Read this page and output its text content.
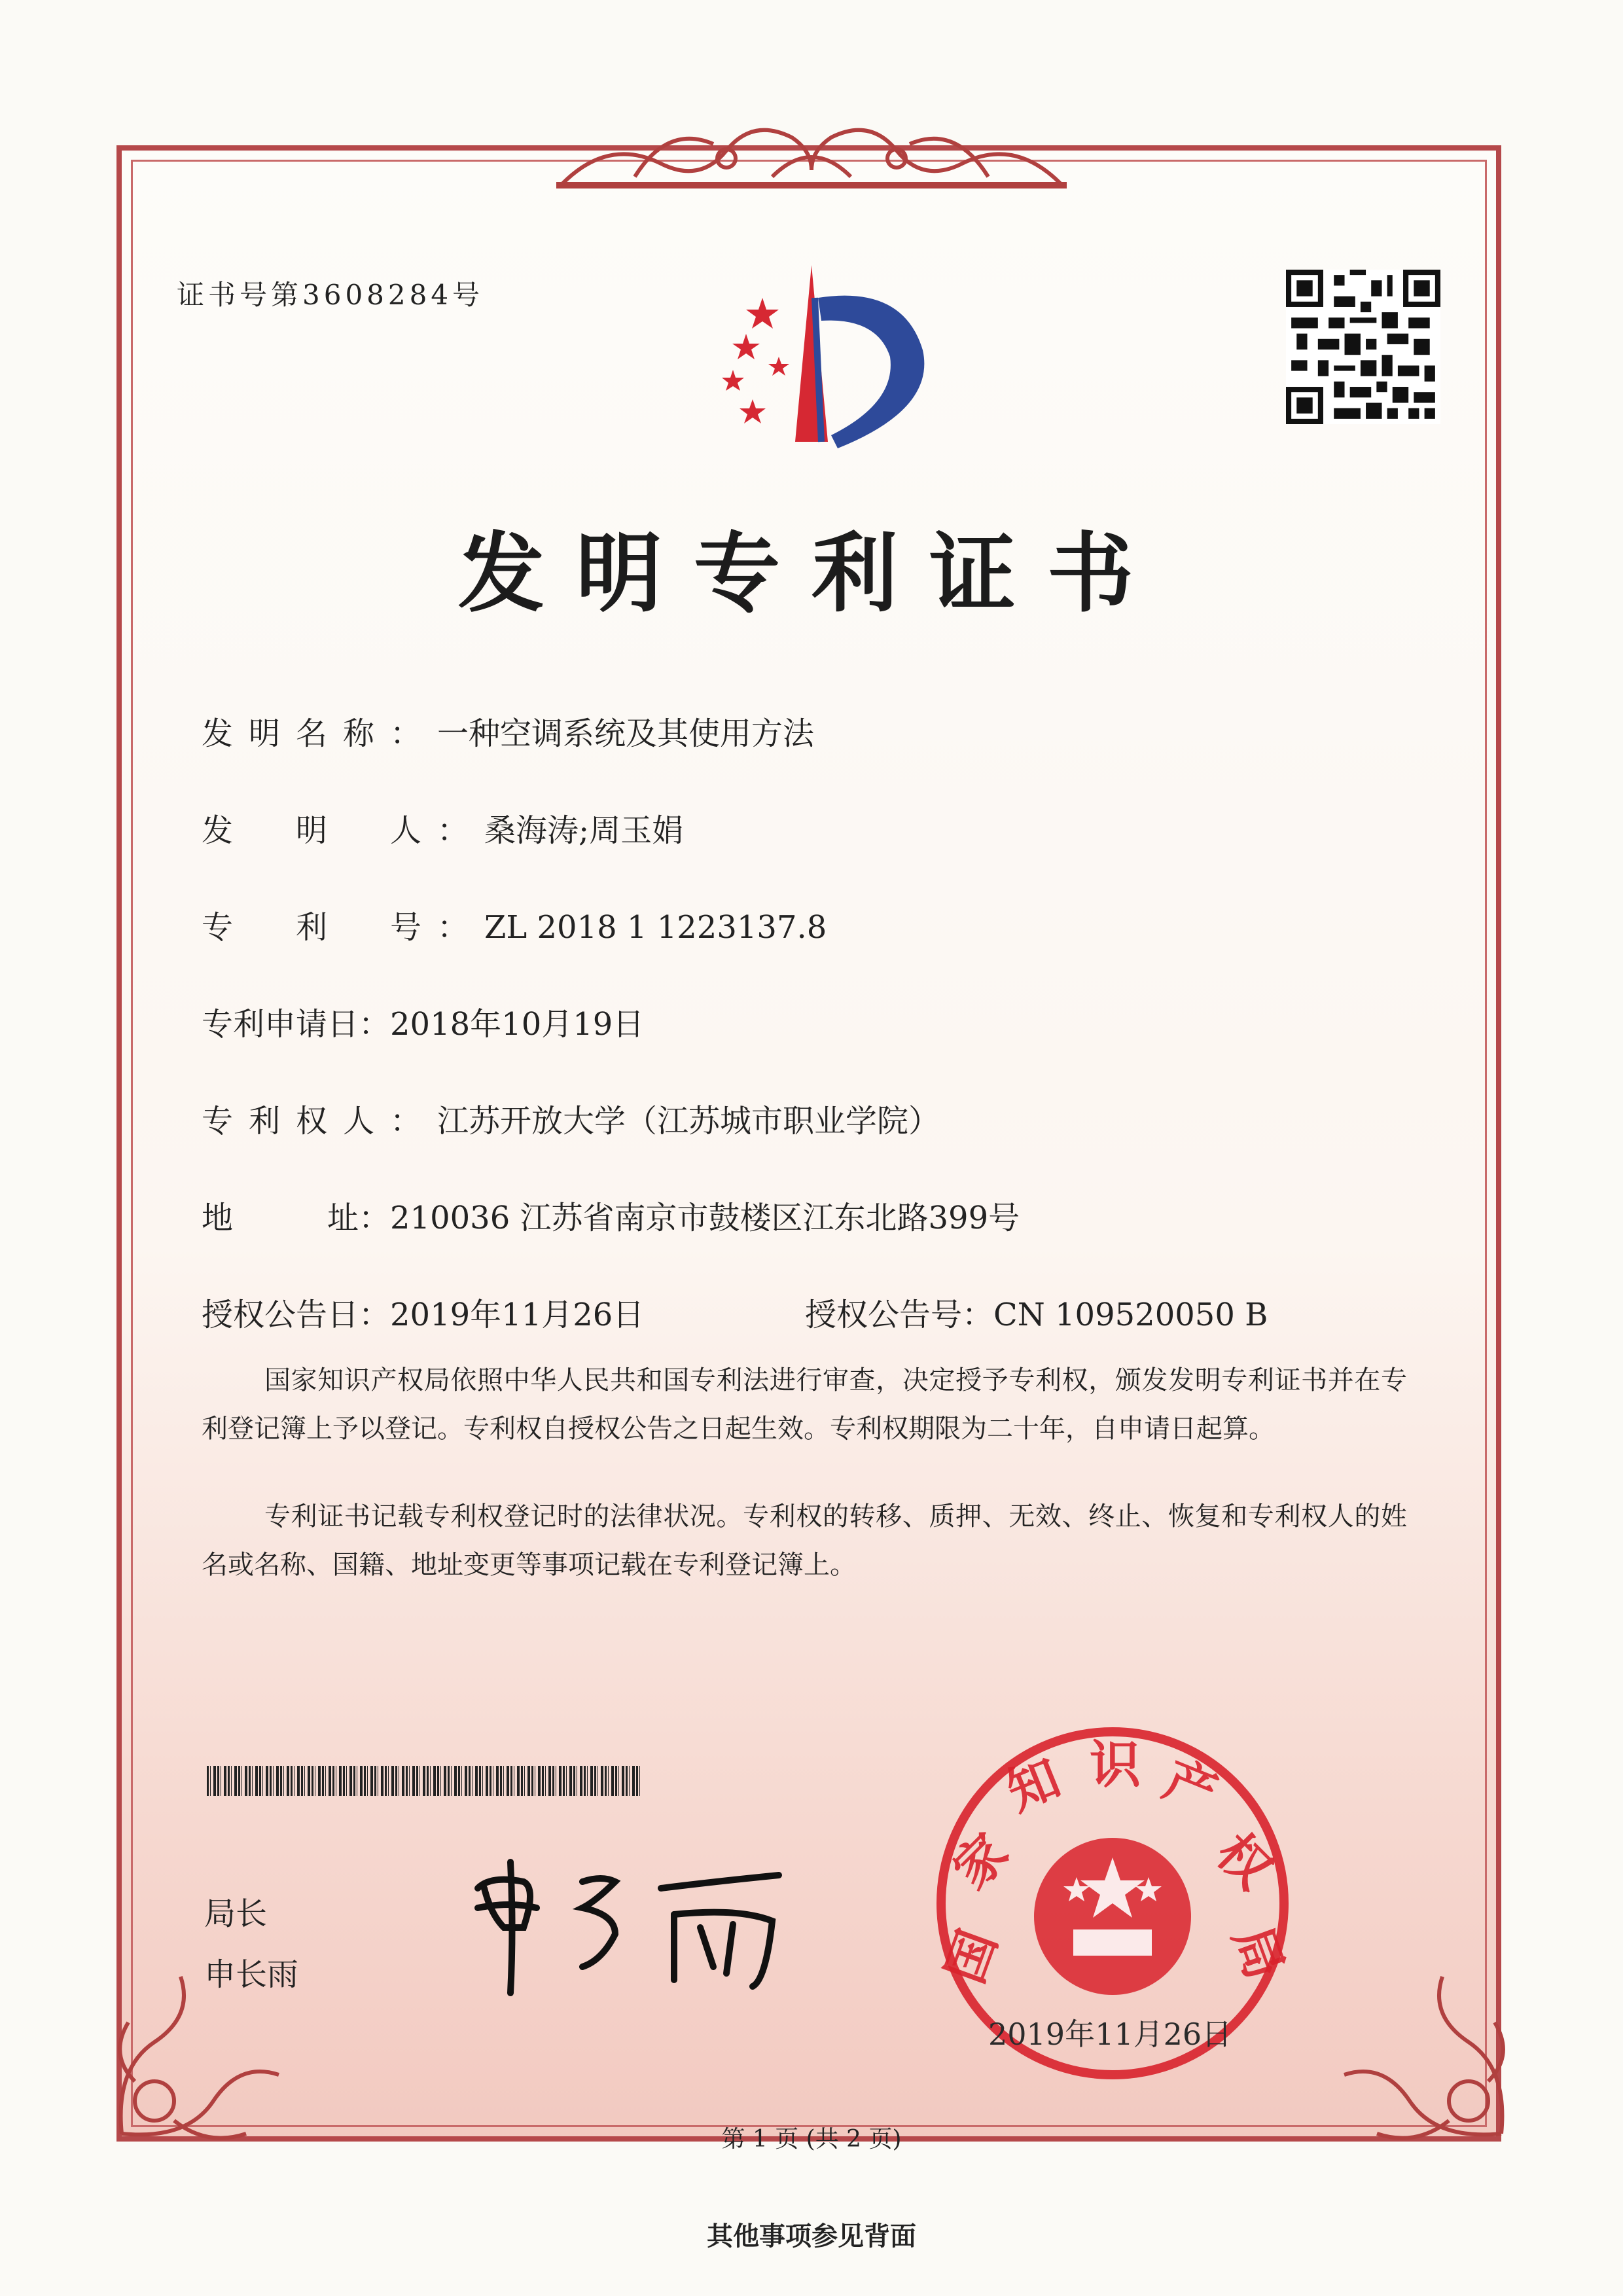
证书号第3608284号
发明专利证书
发明名称：一种空调系统及其使用方法
发　明　人：桑海涛;周玉娟
专　利　号：ZL 2018 1 1223137.8
专利申请日：2018年10月19日
专利权人：江苏开放大学（江苏城市职业学院）
地　　　址：210036 江苏省南京市鼓楼区江东北路399号
授权公告日：2019年11月26日	授权公告号：CN 109520050 B
国家知识产权局依照中华人民共和国专利法进行审查，决定授予专利权，颁发发明专利证书并在专利登记簿上予以登记。专利权自授权公告之日起生效。专利权期限为二十年，自申请日起算。
专利证书记载专利权登记时的法律状况。专利权的转移、质押、无效、终止、恢复和专利权人的姓名或名称、国籍、地址变更等事项记载在专利登记簿上。
局长
申长雨	国
家
知 识 产
权
局
2019年11月26日
第 1 页 (共 2 页)
其他事项参见背面
